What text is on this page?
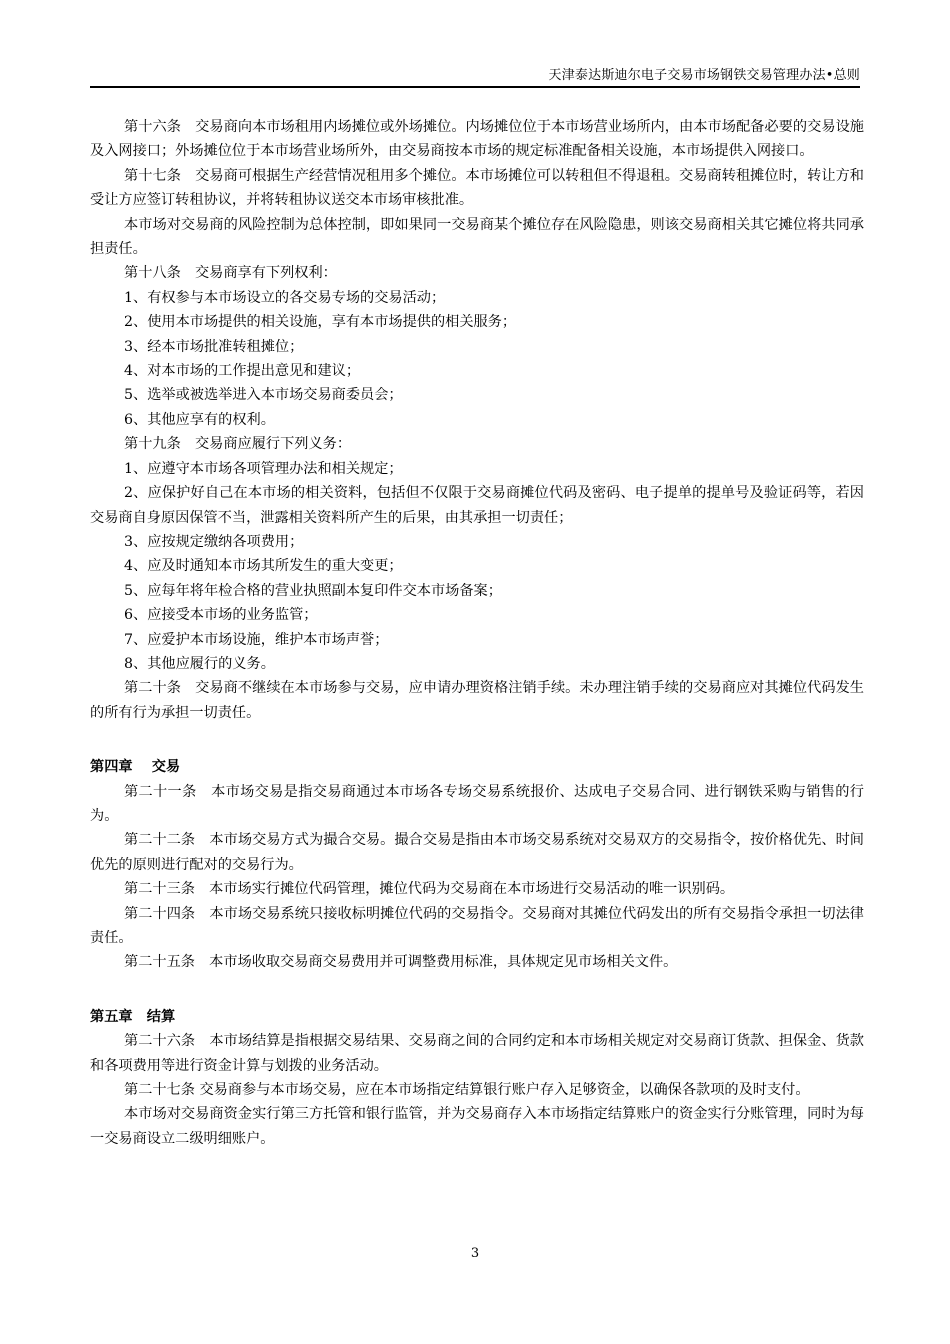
天津泰达斯迪尔电子交易市场钢铁交易管理办法•总则

第十六条　交易商向本市场租用内场摊位或外场摊位。内场摊位位于本市场营业场所内，由本市场配备必要的交易设施及入网接口；外场摊位位于本市场营业场所外，由交易商按本市场的规定标准配备相关设施，本市场提供入网接口。

第十七条　交易商可根据生产经营情况租用多个摊位。本市场摊位可以转租但不得退租。交易商转租摊位时，转让方和受让方应签订转租协议，并将转租协议送交本市场审核批准。

本市场对交易商的风险控制为总体控制，即如果同一交易商某个摊位存在风险隐患，则该交易商相关其它摊位将共同承担责任。

第十八条　交易商享有下列权利：

1、有权参与本市场设立的各交易专场的交易活动；

2、使用本市场提供的相关设施，享有本市场提供的相关服务；

3、经本市场批准转租摊位；

4、对本市场的工作提出意见和建议；

5、选举或被选举进入本市场交易商委员会；

6、其他应享有的权利。

第十九条　交易商应履行下列义务：

1、应遵守本市场各项管理办法和相关规定；

2、应保护好自己在本市场的相关资料，包括但不仅限于交易商摊位代码及密码、电子提单的提单号及验证码等，若因交易商自身原因保管不当，泄露相关资料所产生的后果，由其承担一切责任；

3、应按规定缴纳各项费用；

4、应及时通知本市场其所发生的重大变更；

5、应每年将年检合格的营业执照副本复印件交本市场备案；

6、应接受本市场的业务监管；

7、应爱护本市场设施，维护本市场声誉；

8、其他应履行的义务。

第二十条　交易商不继续在本市场参与交易，应申请办理资格注销手续。未办理注销手续的交易商应对其摊位代码发生的所有行为承担一切责任。

第四章　 交易

第二十一条　本市场交易是指交易商通过本市场各专场交易系统报价、达成电子交易合同、进行钢铁采购与销售的行为。

第二十二条　本市场交易方式为撮合交易。撮合交易是指由本市场交易系统对交易双方的交易指令，按价格优先、时间优先的原则进行配对的交易行为。

第二十三条　本市场实行摊位代码管理，摊位代码为交易商在本市场进行交易活动的唯一识别码。

第二十四条　本市场交易系统只接收标明摊位代码的交易指令。交易商对其摊位代码发出的所有交易指令承担一切法律责任。

第二十五条　本市场收取交易商交易费用并可调整费用标准，具体规定见市场相关文件。

第五章　结算

第二十六条　本市场结算是指根据交易结果、交易商之间的合同约定和本市场相关规定对交易商订货款、担保金、货款和各项费用等进行资金计算与划拨的业务活动。

第二十七条 交易商参与本市场交易，应在本市场指定结算银行账户存入足够资金，以确保各款项的及时支付。

本市场对交易商资金实行第三方托管和银行监管，并为交易商存入本市场指定结算账户的资金实行分账管理，同时为每一交易商设立二级明细账户。

3
